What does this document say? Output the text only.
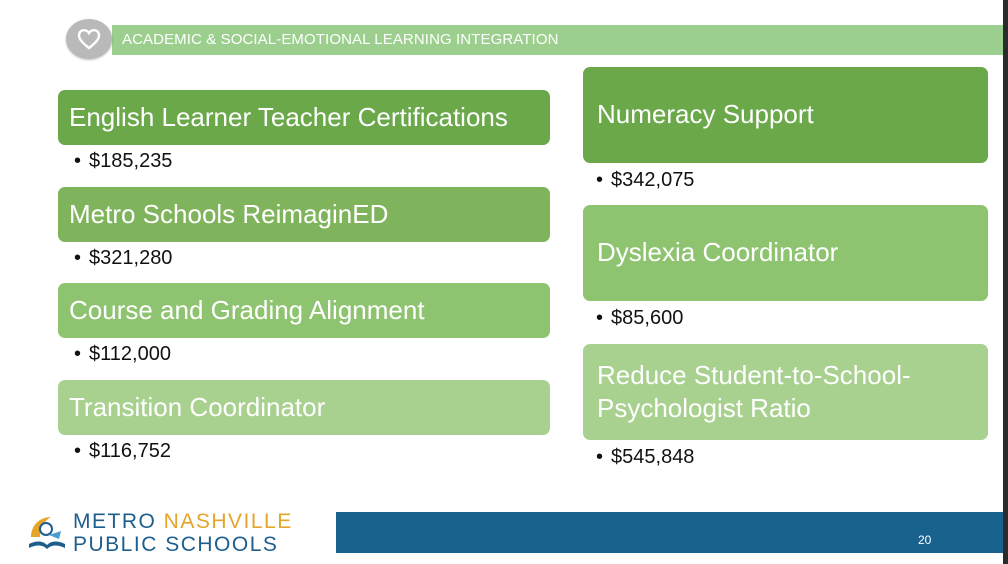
ACADEMIC & SOCIAL-EMOTIONAL LEARNING INTEGRATION
English Learner Teacher Certifications
• $185,235
Metro Schools ReimaginED
• $321,280
Course and Grading Alignment
• $112,000
Transition Coordinator
• $116,752
Numeracy Support
• $342,075
Dyslexia Coordinator
• $85,600
Reduce Student-to-School-
Psychologist Ratio
• $545,848
METRO NASHVILLE
PUBLIC SCHOOLS	20
